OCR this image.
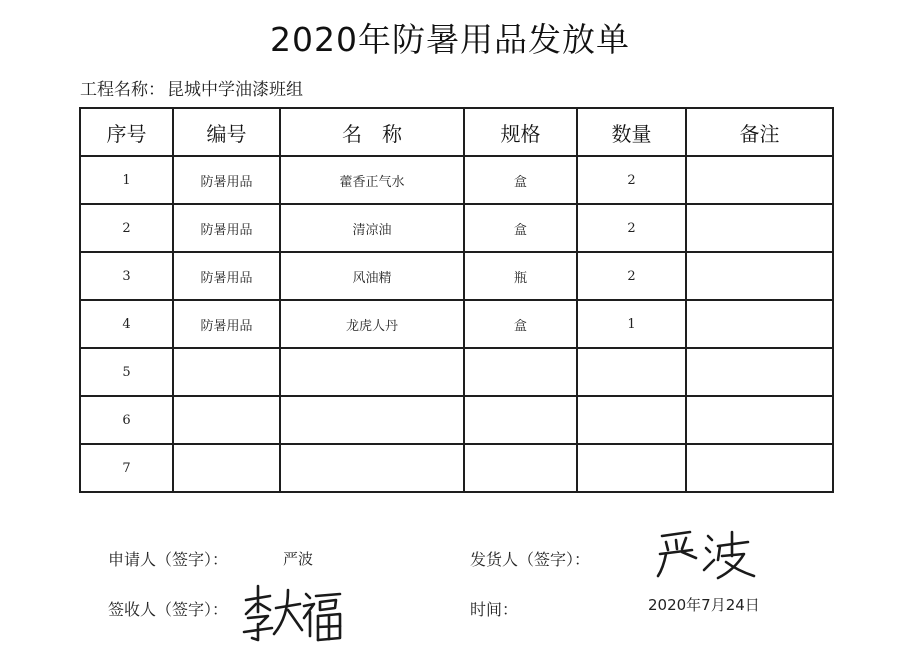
2020年防暑用品发放单
工程名称： 昆城中学油漆班组
序号	编号	名　称	规格	数量	备注
1	防暑用品	藿香正气水	盒	2	
2	防暑用品	清凉油	盒	2	
3	防暑用品	风油精	瓶	2	
4	防暑用品	龙虎人丹	盒	1	
5					
6					
7					
申请人（签字）：	严波	发货人（签字）：
签收人（签字）：	时间：	2020年7月24日
